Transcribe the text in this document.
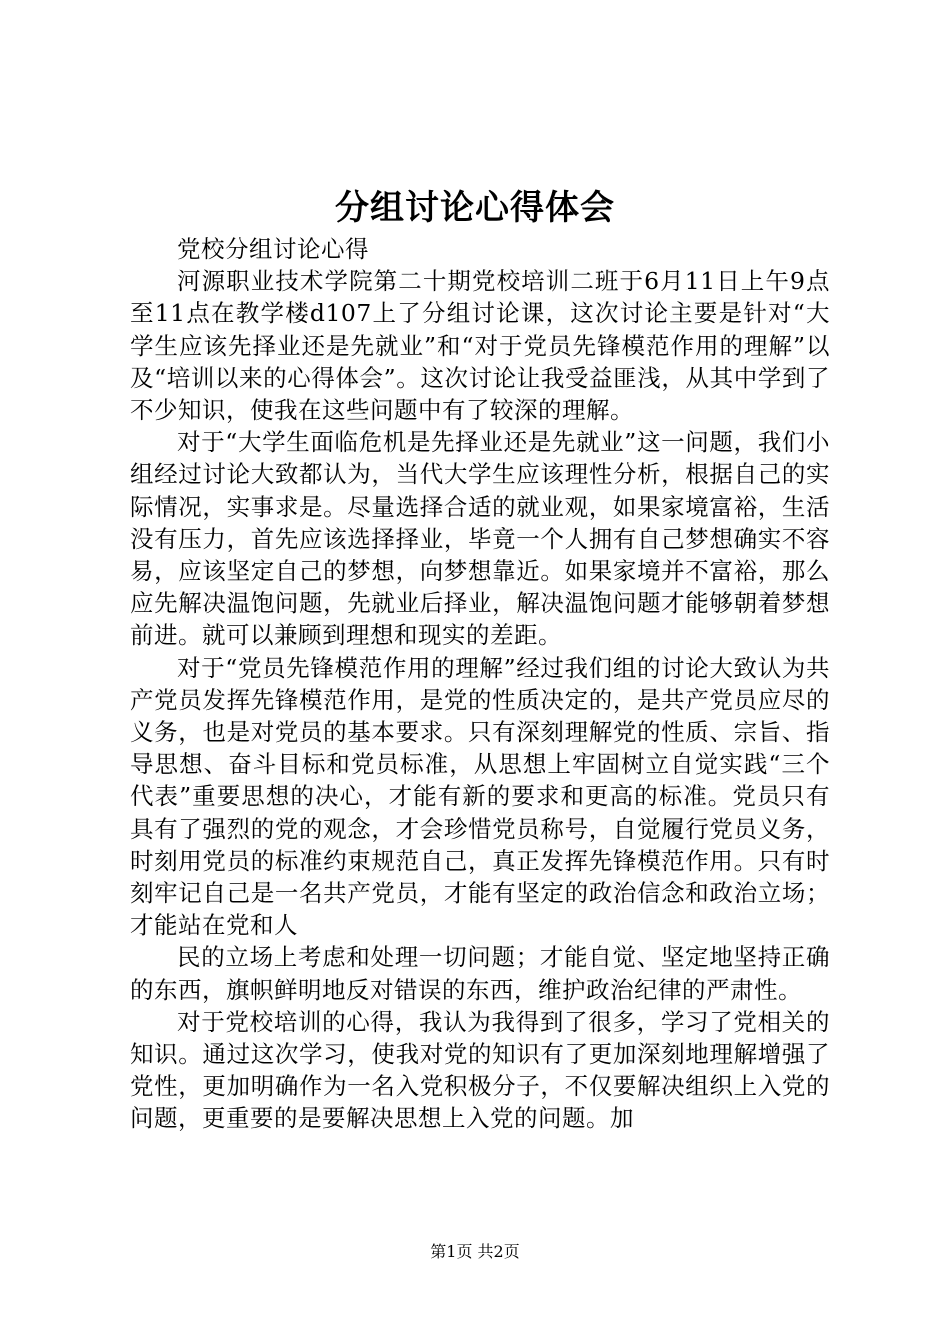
分组讨论心得体会

党校分组讨论心得

河源职业技术学院第二十期党校培训二班于6月11日上午9点至11点在教学楼d107上了分组讨论课，这次讨论主要是针对“大学生应该先择业还是先就业”和“对于党员先锋模范作用的理解”以及“培训以来的心得体会”。这次讨论让我受益匪浅，从其中学到了不少知识，使我在这些问题中有了较深的理解。

对于“大学生面临危机是先择业还是先就业”这一问题，我们小组经过讨论大致都认为，当代大学生应该理性分析，根据自己的实际情况，实事求是。尽量选择合适的就业观，如果家境富裕，生活没有压力，首先应该选择择业，毕竟一个人拥有自己梦想确实不容易，应该坚定自己的梦想，向梦想靠近。如果家境并不富裕，那么应先解决温饱问题，先就业后择业，解决温饱问题才能够朝着梦想前进。就可以兼顾到理想和现实的差距。

对于“党员先锋模范作用的理解”经过我们组的讨论大致认为共产党员发挥先锋模范作用，是党的性质决定的，是共产党员应尽的义务，也是对党员的基本要求。只有深刻理解党的性质、宗旨、指导思想、奋斗目标和党员标准，从思想上牢固树立自觉实践“三个代表”重要思想的决心，才能有新的要求和更高的标准。党员只有具有了强烈的党的观念，才会珍惜党员称号，自觉履行党员义务，时刻用党员的标准约束规范自己，真正发挥先锋模范作用。只有时刻牢记自己是一名共产党员，才能有坚定的政治信念和政治立场；才能站在党和人

民的立场上考虑和处理一切问题；才能自觉、坚定地坚持正确的东西，旗帜鲜明地反对错误的东西，维护政治纪律的严肃性。

对于党校培训的心得，我认为我得到了很多，学习了党相关的知识。通过这次学习，使我对党的知识有了更加深刻地理解增强了党性，更加明确作为一名入党积极分子，不仅要解决组织上入党的问题，更重要的是要解决思想上入党的问题。加

第1页 共2页
